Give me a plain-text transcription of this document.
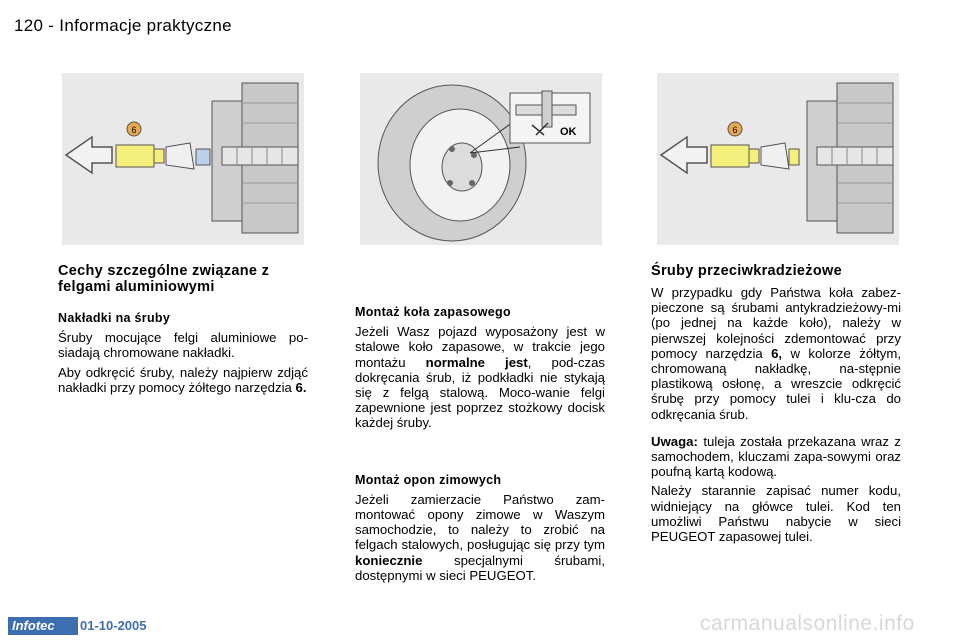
120 - Informacje praktyczne
6	OK	6
Cechy szczególne związane z
felgami aluminiowymi
Nakładki na śruby

Śruby mocujące felgi aluminiowe po-siadają chromowane nakładki.

Aby odkręcić śruby, należy najpierw zdjąć nakładki przy pomocy żółtego narzędzia 6.

Montaż koła zapasowego

Jeżeli Wasz pojazd wyposażony jest w stalowe koło zapasowe, w trakcie jego montażu normalne jest, pod-czas dokręcania śrub, iż podkładki nie stykają się z felgą stalową. Moco-wanie felgi zapewnione jest poprzez stożkowy docisk każdej śruby.

Montaż opon zimowych

Jeżeli zamierzacie Państwo zam-montować opony zimowe w Waszym samochodzie, to należy to zrobić na felgach stalowych, posługując się przy tym koniecznie specjalnymi śrubami, dostępnymi w sieci PEUGEOT.

Śruby przeciwkradzieżowe

W przypadku gdy Państwa koła zabez-pieczone są śrubami antykradzieżowy-mi (po jednej na każde koło), należy w pierwszej kolejności zdemontować przy pomocy narzędzia 6, w kolorze żółtym, chromowaną nakładkę, na-stępnie plastikową osłonę, a wreszcie odkręcić śrubę przy pomocy tulei i klu-cza do odkręcania śrub.

Uwaga: tuleja została przekazana wraz z samochodem, kluczami zapa-sowymi oraz poufną kartą kodową.

Należy starannie zapisać numer kodu, widniejący na główce tulei. Kod ten umożliwi Państwu nabycie w sieci PEUGEOT zapasowej tulei.

Infotec 01-10-2005	carmanualsonline.info
